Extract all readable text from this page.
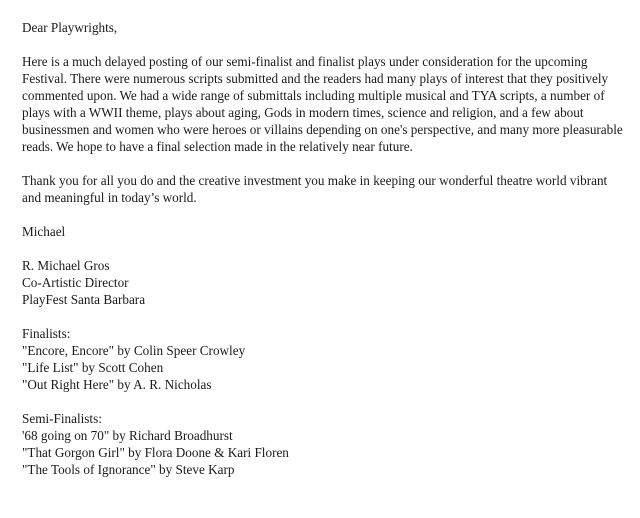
Dear Playwrights,
Here is a much delayed posting of our semi-finalist and finalist plays under consideration for the upcoming Festival. There were numerous scripts submitted and the readers had many plays of interest that they positively commented upon. We had a wide range of submittals including multiple musical and TYA scripts, a number of plays with a WWII theme, plays about aging, Gods in modern times, science and religion, and a few about businessmen and women who were heroes or villains depending on one's perspective, and many more pleasurable reads. We hope to have a final selection made in the relatively near future.
Thank you for all you do and the creative investment you make in keeping our wonderful theatre world vibrant and meaningful in today’s world.
Michael
R. Michael Gros
Co-Artistic Director
PlayFest Santa Barbara
Finalists:
"Encore, Encore" by Colin Speer Crowley
"Life List" by Scott Cohen
"Out Right Here" by A. R. Nicholas
Semi-Finalists:
'68 going on 70" by Richard Broadhurst
"That Gorgon Girl" by Flora Doone & Kari Floren
"The Tools of Ignorance" by Steve Karp
